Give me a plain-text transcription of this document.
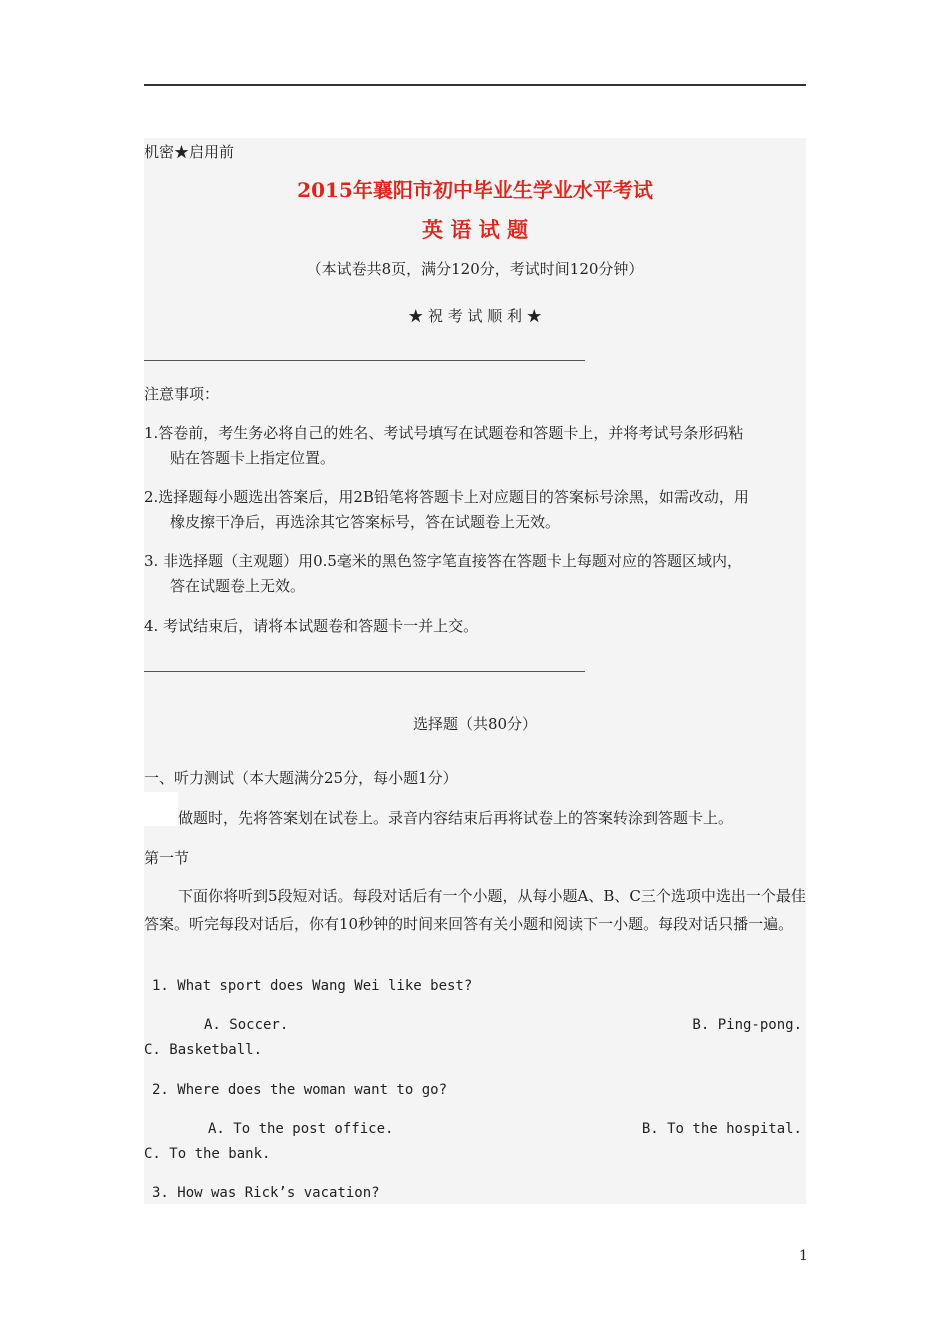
机密★启用前
2015年襄阳市初中毕业生学业水平考试
英 语 试 题
（本试卷共8页，满分120分，考试时间120分钟）
★ 祝 考 试 顺 利 ★
注意事项：
1.答卷前，考生务必将自己的姓名、考试号填写在试题卷和答题卡上，并将考试号条形码粘
贴在答题卡上指定位置。
2.选择题每小题选出答案后，用2B铅笔将答题卡上对应题目的答案标号涂黑，如需改动，用
橡皮擦干净后，再选涂其它答案标号，答在试题卷上无效。
3. 非选择题（主观题）用0.5毫米的黑色签字笔直接答在答题卡上每题对应的答题区域内，
答在试题卷上无效。
4. 考试结束后，请将本试题卷和答题卡一并上交。
选择题（共80分）
一、听力测试（本大题满分25分，每小题1分）
做题时，先将答案划在试卷上。录音内容结束后再将试卷上的答案转涂到答题卡上。
第一节
下面你将听到5段短对话。每段对话后有一个小题，从每小题A、B、C三个选项中选出一个最佳答案。听完每段对话后，你有10秒钟的时间来回答有关小题和阅读下一小题。每段对话只播一遍。
1. What sport does Wang Wei like best?
A. Soccer.	B. Ping-pong.
C. Basketball.
2. Where does the woman want to go?
A. To the post office.	B. To the hospital.
C. To the bank.
3. How was Rick’s vacation?
1
